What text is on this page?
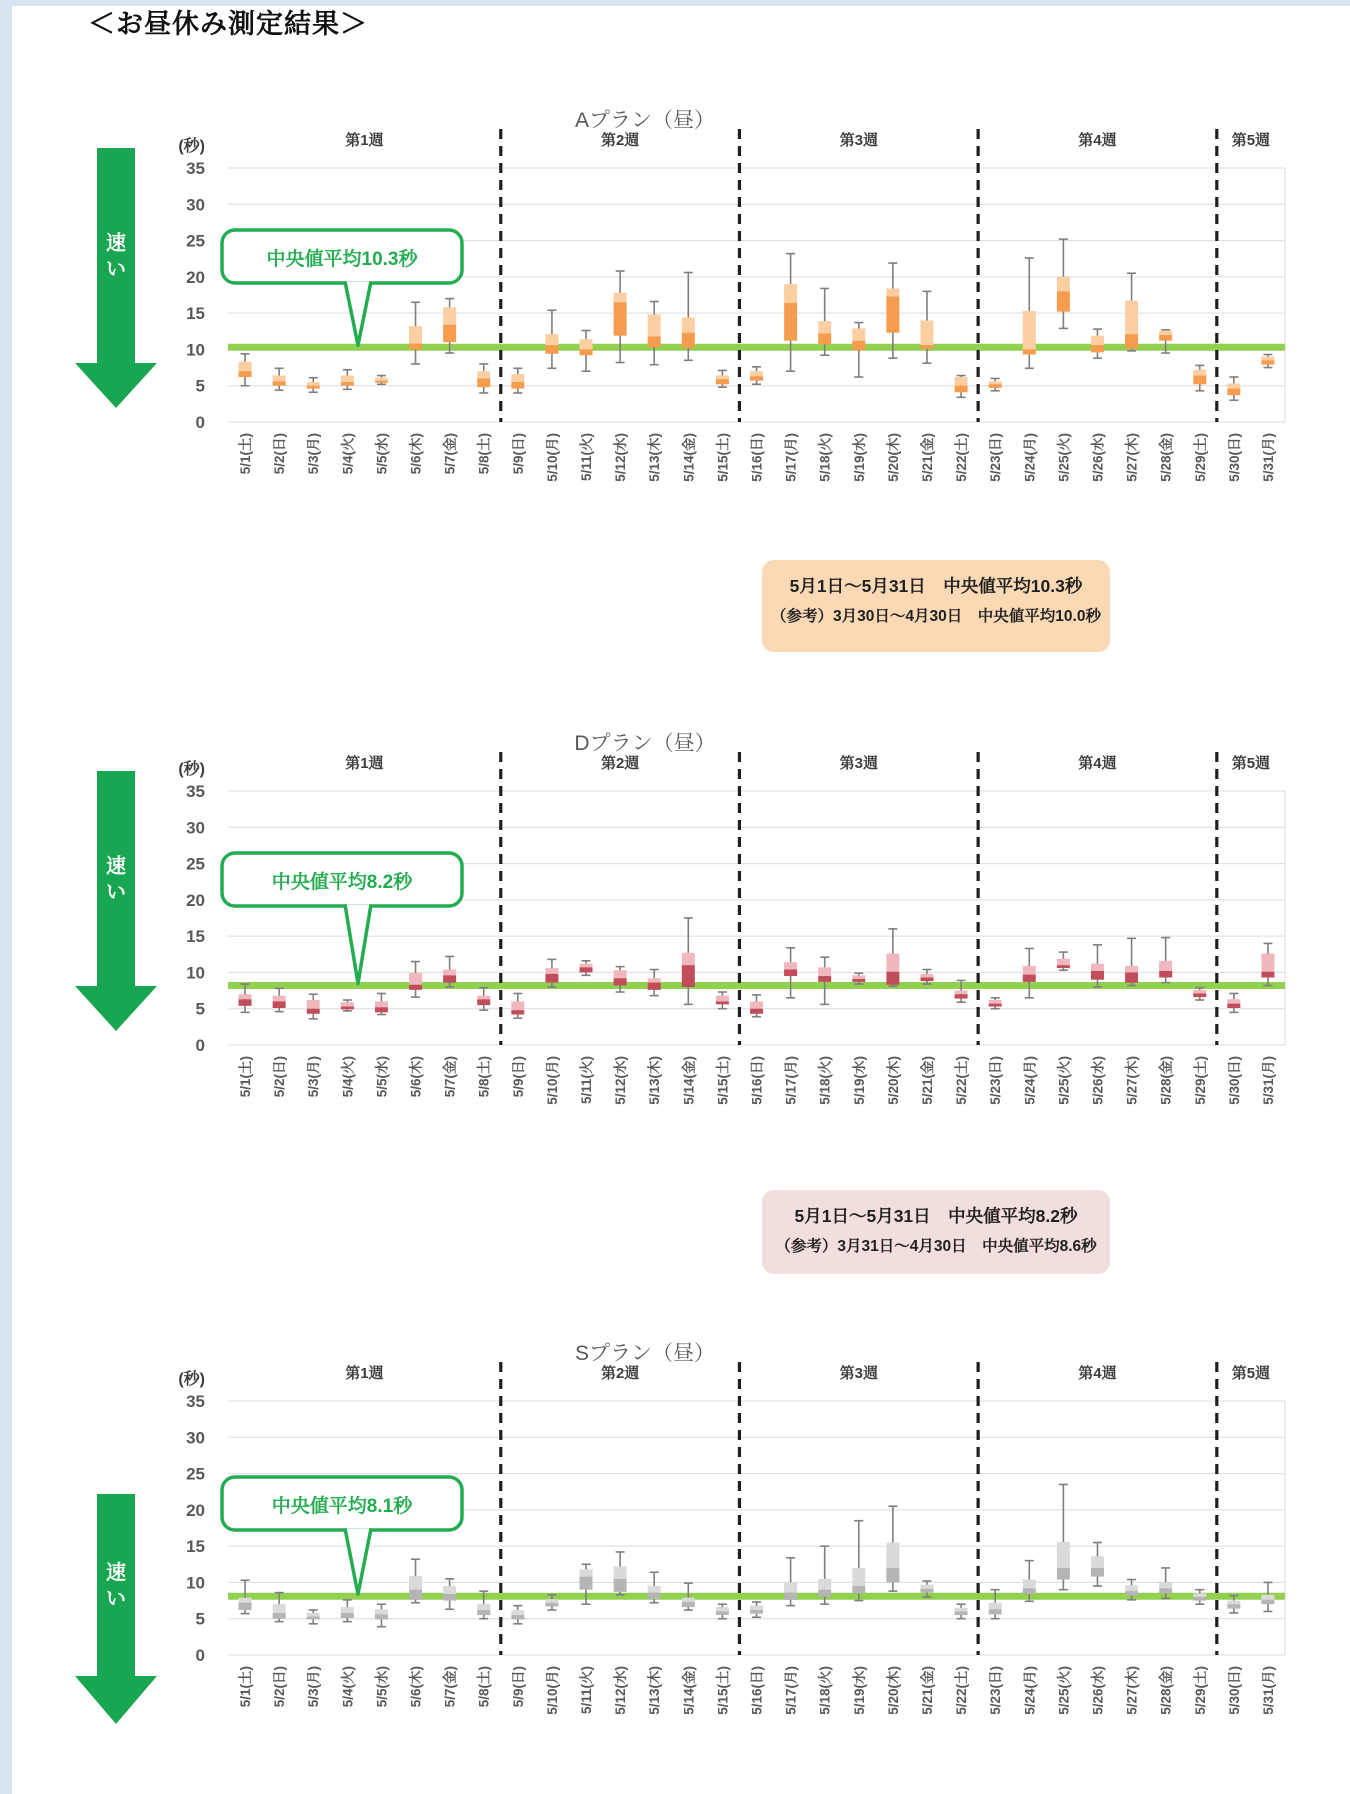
＜お昼休み測定結果＞
35
30
25
20
15
10
5
0
(秒)
Aプラン（昼）
第1週	第2週	第3週	第4週	第5週
中央値平均10.3秒
速
い
5/1(土) 5/2(日) 5/3(月) 5/4(火) 5/5(水) 5/6(木) 5/7(金) 5/8(土) 5/9(日) 5/10(月) 5/11(火) 5/12(水) 5/13(木) 5/14(金) 5/15(土) 5/16(日) 5/17(月) 5/18(火) 5/19(水) 5/20(木) 5/21(金) 5/22(土) 5/23(日) 5/24(月) 5/25(火) 5/26(水) 5/27(木) 5/28(金) 5/29(土) 5/30(日) 5/31(月)
5月1日～5月31日　中央値平均10.3秒
（参考）3月30日～4月30日　中央値平均10.0秒
35
30
25
20
15
10
5
0
(秒)
Dプラン（昼）
第1週	第2週	第3週	第4週	第5週
中央値平均8.2秒
速
い
5/1(土) 5/2(日) 5/3(月) 5/4(火) 5/5(水) 5/6(木) 5/7(金) 5/8(土) 5/9(日) 5/10(月) 5/11(火) 5/12(水) 5/13(木) 5/14(金) 5/15(土) 5/16(日) 5/17(月) 5/18(火) 5/19(水) 5/20(木) 5/21(金) 5/22(土) 5/23(日) 5/24(月) 5/25(火) 5/26(水) 5/27(木) 5/28(金) 5/29(土) 5/30(日) 5/31(月)
5月1日～5月31日　中央値平均8.2秒
（参考）3月31日～4月30日　中央値平均8.6秒
35
30
25
20
15
10
5
0
(秒)
Sプラン（昼）
第1週	第2週	第3週	第4週	第5週
中央値平均8.1秒
速
い
5/1(土) 5/2(日) 5/3(月) 5/4(火) 5/5(水) 5/6(木) 5/7(金) 5/8(土) 5/9(日) 5/10(月) 5/11(火) 5/12(水) 5/13(木) 5/14(金) 5/15(土) 5/16(日) 5/17(月) 5/18(火) 5/19(水) 5/20(木) 5/21(金) 5/22(土) 5/23(日) 5/24(月) 5/25(火) 5/26(水) 5/27(木) 5/28(金) 5/29(土) 5/30(日) 5/31(月)
